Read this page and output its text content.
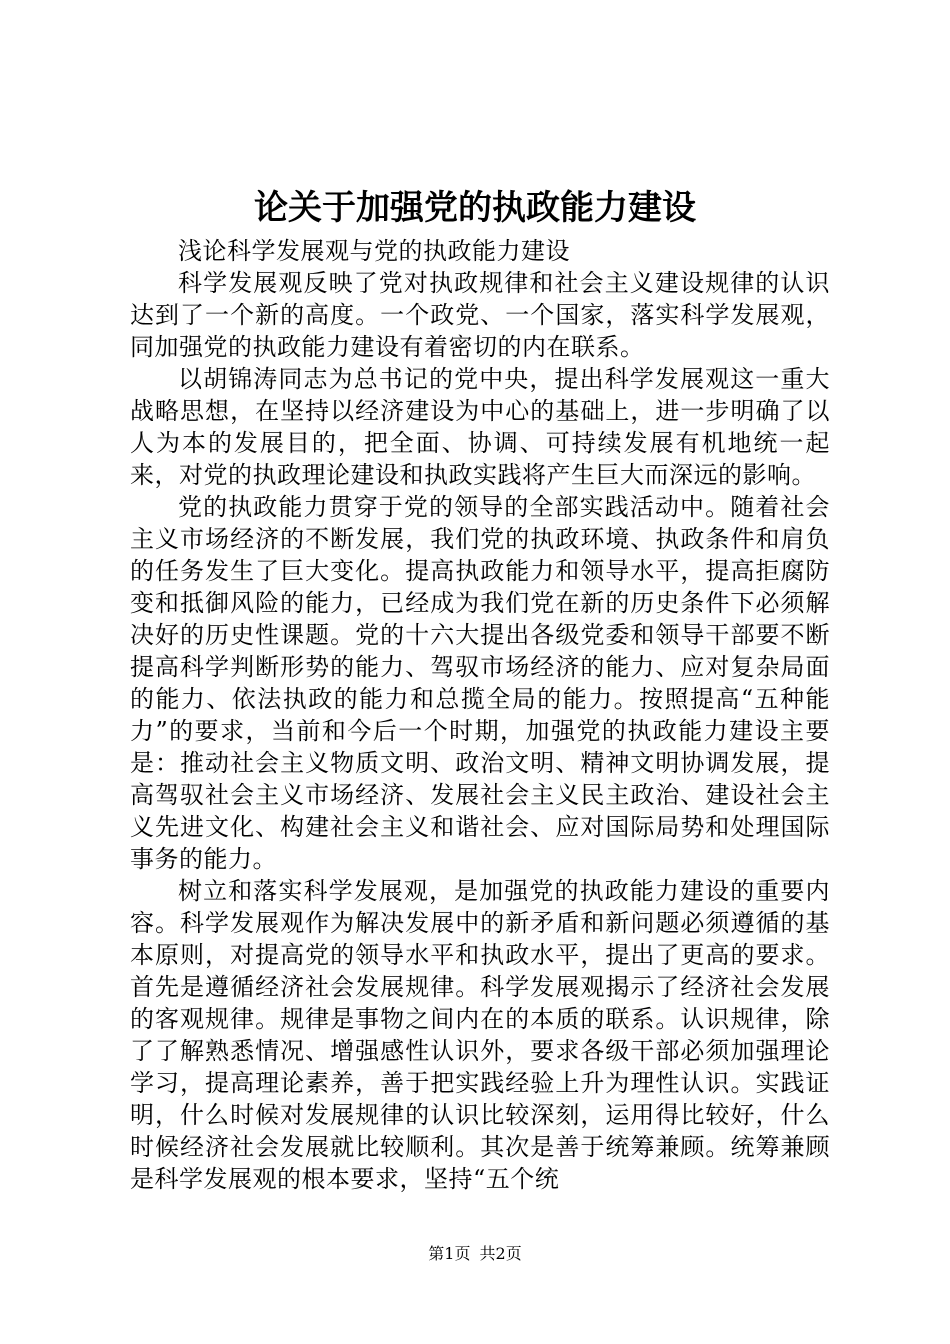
论关于加强党的执政能力建设

浅论科学发展观与党的执政能力建设

科学发展观反映了党对执政规律和社会主义建设规律的认识达到了一个新的高度。一个政党、一个国家，落实科学发展观，同加强党的执政能力建设有着密切的内在联系。

以胡锦涛同志为总书记的党中央，提出科学发展观这一重大战略思想，在坚持以经济建设为中心的基础上，进一步明确了以人为本的发展目的，把全面、协调、可持续发展有机地统一起来，对党的执政理论建设和执政实践将产生巨大而深远的影响。

党的执政能力贯穿于党的领导的全部实践活动中。随着社会主义市场经济的不断发展，我们党的执政环境、执政条件和肩负的任务发生了巨大变化。提高执政能力和领导水平，提高拒腐防变和抵御风险的能力，已经成为我们党在新的历史条件下必须解决好的历史性课题。党的十六大提出各级党委和领导干部要不断提高科学判断形势的能力、驾驭市场经济的能力、应对复杂局面的能力、依法执政的能力和总揽全局的能力。按照提高“五种能力”的要求，当前和今后一个时期，加强党的执政能力建设主要是：推动社会主义物质文明、政治文明、精神文明协调发展，提高驾驭社会主义市场经济、发展社会主义民主政治、建设社会主义先进文化、构建社会主义和谐社会、应对国际局势和处理国际事务的能力。

树立和落实科学发展观，是加强党的执政能力建设的重要内容。科学发展观作为解决发展中的新矛盾和新问题必须遵循的基本原则，对提高党的领导水平和执政水平，提出了更高的要求。首先是遵循经济社会发展规律。科学发展观揭示了经济社会发展的客观规律。规律是事物之间内在的本质的联系。认识规律，除了了解熟悉情况、增强感性认识外，要求各级干部必须加强理论学习，提高理论素养，善于把实践经验上升为理性认识。实践证明，什么时候对发展规律的认识比较深刻，运用得比较好，什么时候经济社会发展就比较顺利。其次是善于统筹兼顾。统筹兼顾是科学发展观的根本要求，坚持“五个统

第1页 共2页
